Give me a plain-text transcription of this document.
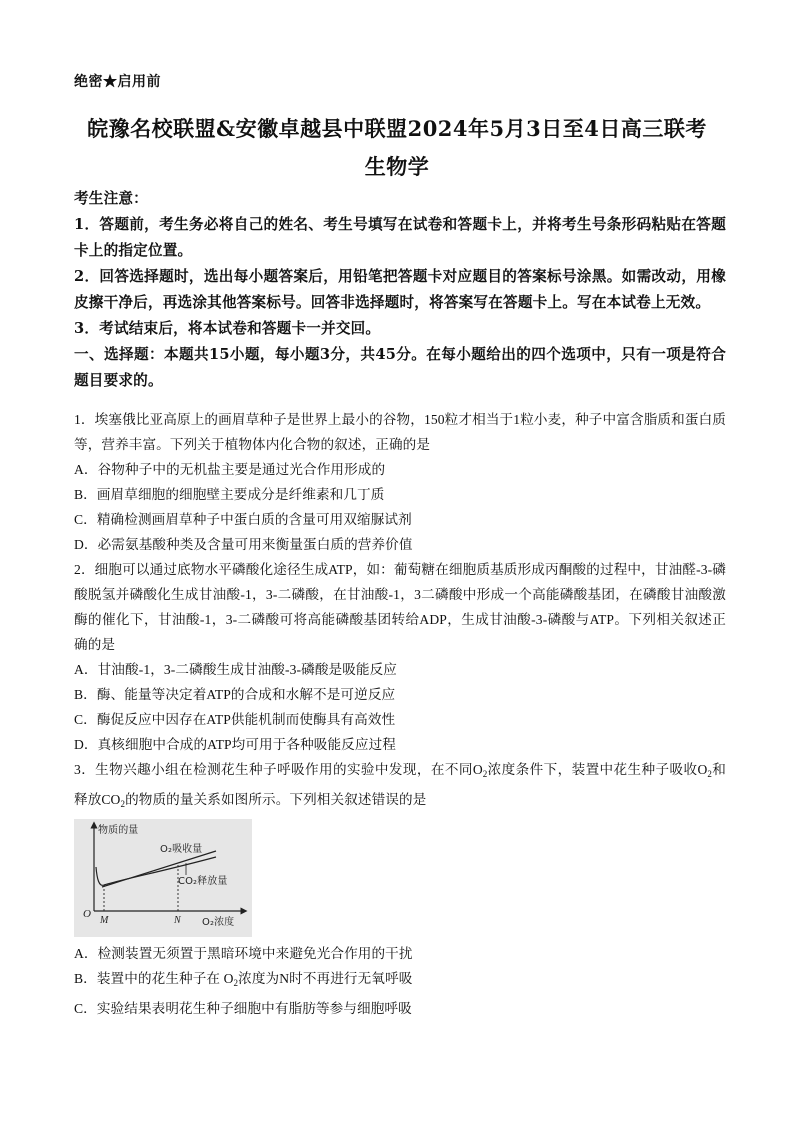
绝密★启用前
皖豫名校联盟&安徽卓越县中联盟2024年5月3日至4日高三联考
生物学

考生注意：

1．答题前，考生务必将自己的姓名、考生号填写在试卷和答题卡上，并将考生号条形码粘贴在答题卡上的指定位置。

2．回答选择题时，选出每小题答案后，用铅笔把答题卡对应题目的答案标号涂黑。如需改动，用橡皮擦干净后，再选涂其他答案标号。回答非选择题时，将答案写在答题卡上。写在本试卷上无效。

3．考试结束后，将本试卷和答题卡一并交回。

一、选择题：本题共15小题，每小题3分，共45分。在每小题给出的四个选项中，只有一项是符合题目要求的。

1．埃塞俄比亚高原上的画眉草种子是世界上最小的谷物，150粒才相当于1粒小麦，种子中富含脂质和蛋白质等，营养丰富。下列关于植物体内化合物的叙述，正确的是

A．谷物种子中的无机盐主要是通过光合作用形成的

B．画眉草细胞的细胞壁主要成分是纤维素和几丁质

C．精确检测画眉草种子中蛋白质的含量可用双缩脲试剂

D．必需氨基酸种类及含量可用来衡量蛋白质的营养价值

2．细胞可以通过底物水平磷酸化途径生成ATP，如：葡萄糖在细胞质基质形成丙酮酸的过程中，甘油醛-3-磷酸脱氢并磷酸化生成甘油酸-1，3-二磷酸，在甘油酸-1，3二磷酸中形成一个高能磷酸基团，在磷酸甘油酸激酶的催化下，甘油酸-1，3-二磷酸可将高能磷酸基团转给ADP，生成甘油酸-3-磷酸与ATP。下列相关叙述正确的是

A．甘油酸-1，3-二磷酸生成甘油酸-3-磷酸是吸能反应

B．酶、能量等决定着ATP的合成和水解不是可逆反应

C．酶促反应中因存在ATP供能机制而使酶具有高效性

D．真核细胞中合成的ATP均可用于各种吸能反应过程

3．生物兴趣小组在检测花生种子呼吸作用的实验中发现，在不同$O_2$浓度条件下，装置中花生种子吸收$O_2$和释放$CO_2$的物质的量关系如图所示。下列相关叙述错误的是

物质的量
O₂吸收量
CO₂释放量
O
M	N O₂浓度

A．检测装置无须置于黑暗环境中来避免光合作用的干扰

B．装置中的花生种子在 $O_2$浓度为N时不再进行无氧呼吸

C．实验结果表明花生种子细胞中有脂肪等参与细胞呼吸
